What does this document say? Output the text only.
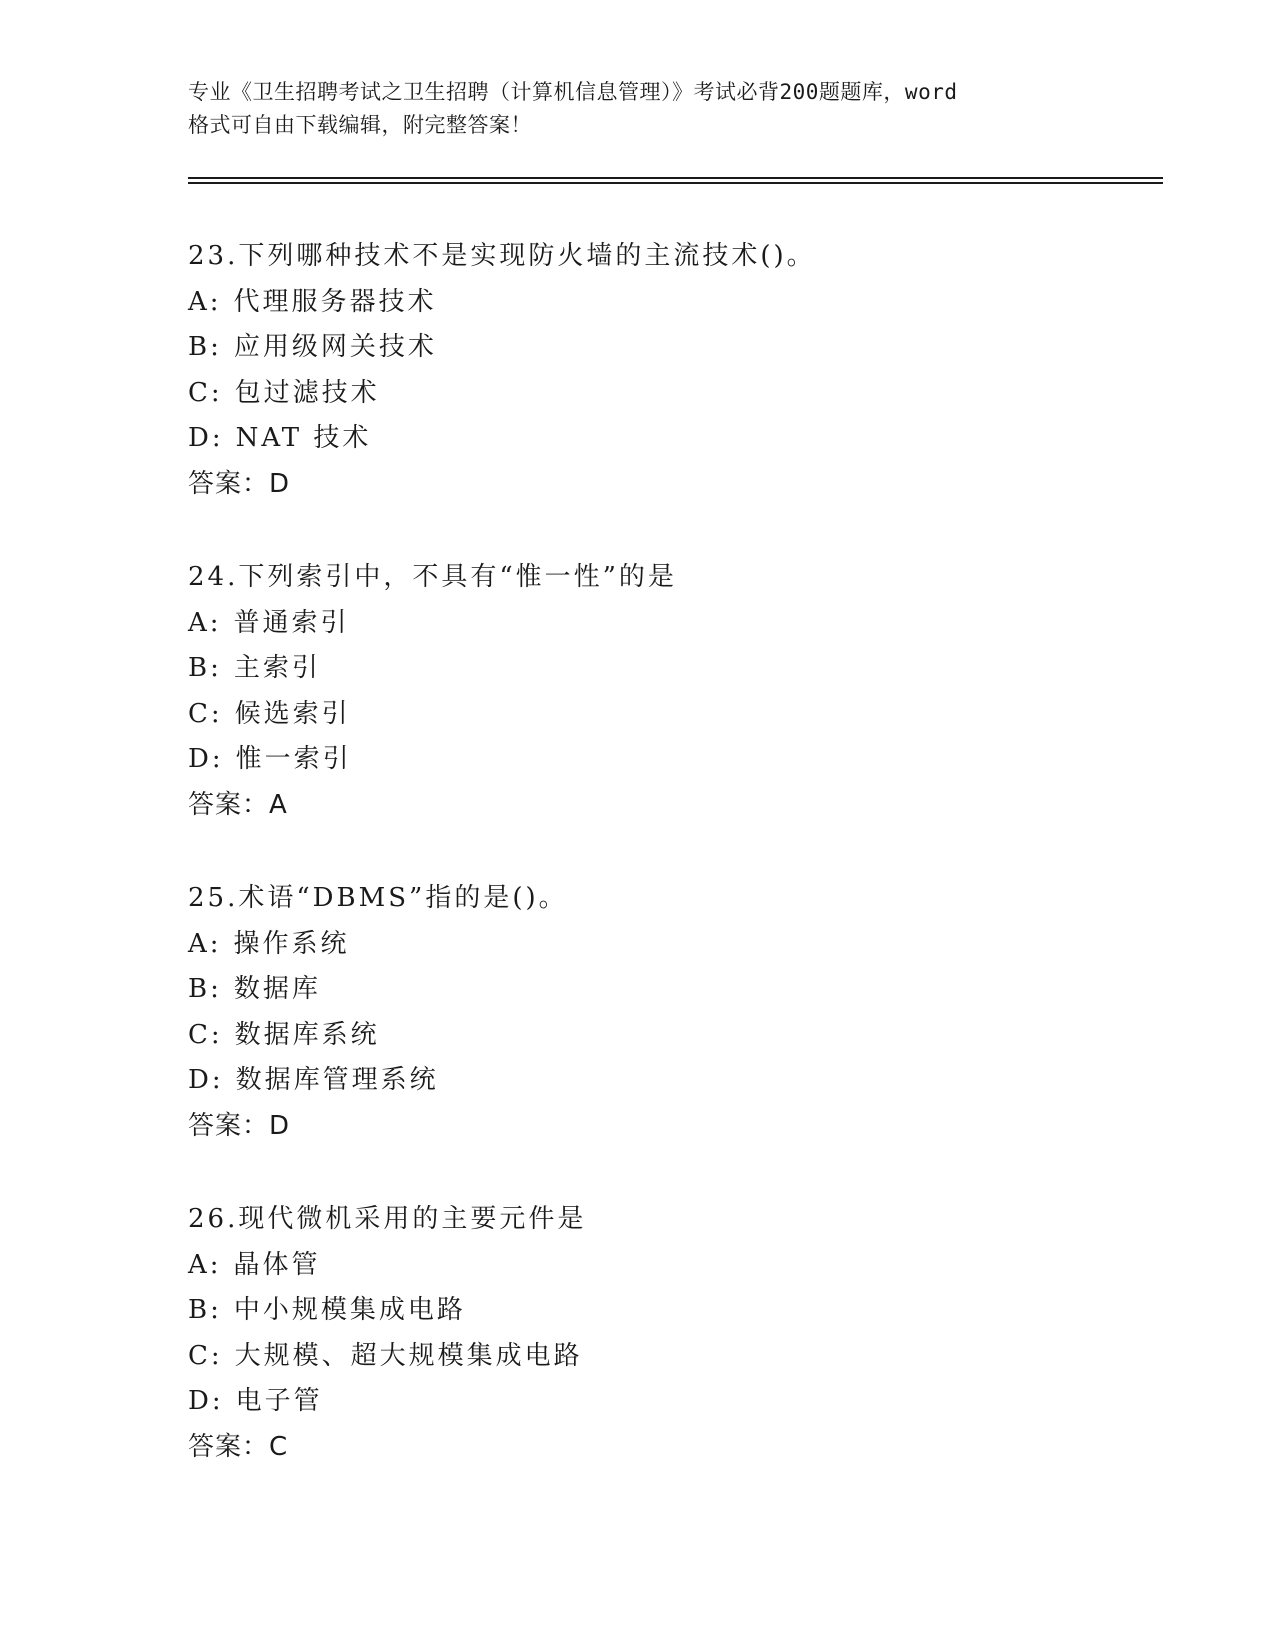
专业《卫生招聘考试之卫生招聘（计算机信息管理）》考试必背200题题库，word
格式可自由下载编辑，附完整答案！
23.下列哪种技术不是实现防火墙的主流技术()。
A: 代理服务器技术
B: 应用级网关技术
C: 包过滤技术
D: NAT 技术
答案：D
24.下列索引中，不具有“惟一性”的是
A: 普通索引
B: 主索引
C: 候选索引
D: 惟一索引
答案：A
25.术语“DBMS”指的是()。
A: 操作系统
B: 数据库
C: 数据库系统
D: 数据库管理系统
答案：D
26.现代微机采用的主要元件是
A: 晶体管
B: 中小规模集成电路
C: 大规模、超大规模集成电路
D: 电子管
答案：C
